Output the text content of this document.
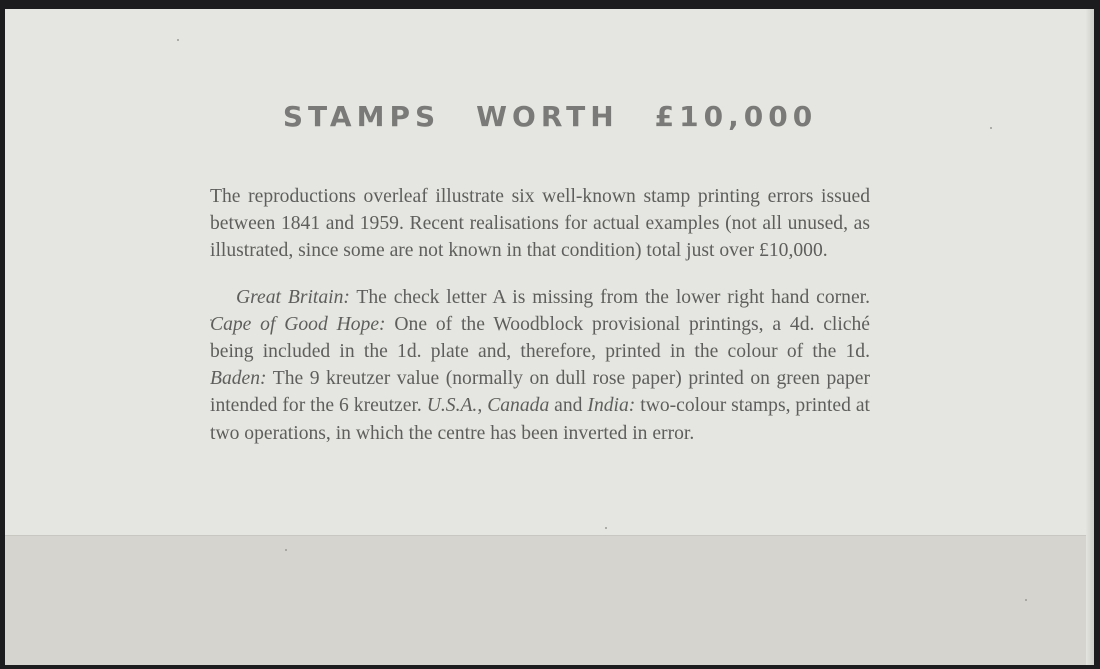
STAMPS WORTH £10,000

The reproductions overleaf illustrate six well-known stamp printing errors issued between 1841 and 1959. Recent realisations for actual examples (not all unused, as illustrated, since some are not known in that condition) total just over £10,000.

Great Britain: The check letter A is missing from the lower right hand corner. Cape of Good Hope: One of the Woodblock provisional printings, a 4d. cliché being included in the 1d. plate and, therefore, printed in the colour of the 1d. Baden: The 9 kreutzer value (normally on dull rose paper) printed on green paper intended for the 6 kreutzer. U.S.A., Canada and India: two-colour stamps, printed at two operations, in which the centre has been inverted in error.
